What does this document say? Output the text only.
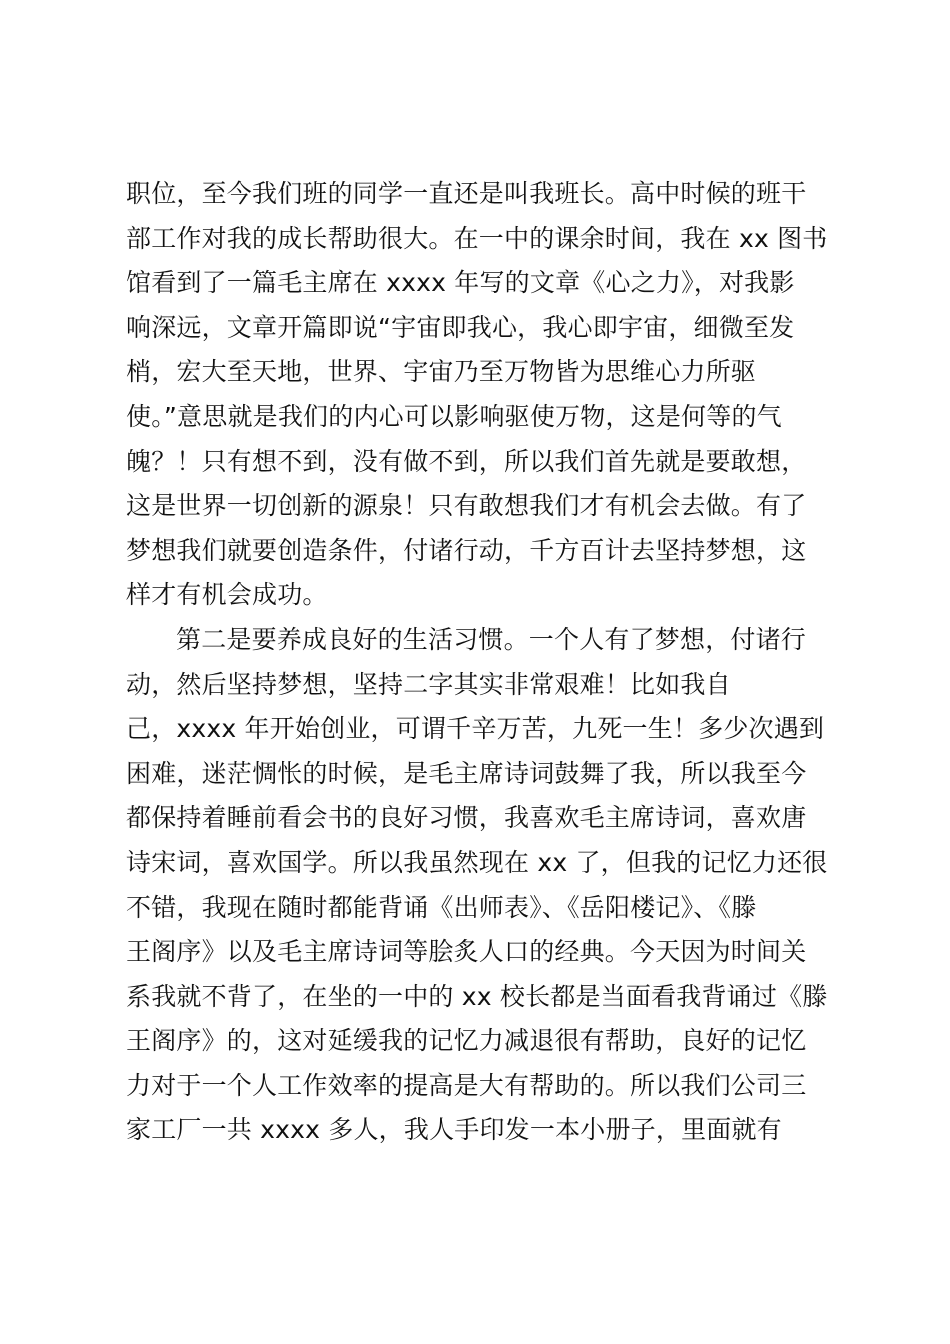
职位，至今我们班的同学一直还是叫我班长。高中时候的班干
部工作对我的成长帮助很大。在一中的课余时间，我在 xx 图书
馆看到了一篇毛主席在 xxxx 年写的文章《心之力》，对我影
响深远，文章开篇即说“宇宙即我心，我心即宇宙，细微至发
梢，宏大至天地，世界、宇宙乃至万物皆为思维心力所驱
使。”意思就是我们的内心可以影响驱使万物，这是何等的气
魄？！只有想不到，没有做不到，所以我们首先就是要敢想，
这是世界一切创新的源泉！只有敢想我们才有机会去做。有了
梦想我们就要创造条件，付诸行动，千方百计去坚持梦想，这
样才有机会成功。
第二是要养成良好的生活习惯。一个人有了梦想，付诸行
动，然后坚持梦想，坚持二字其实非常艰难！比如我自
己，xxxx 年开始创业，可谓千辛万苦，九死一生！多少次遇到
困难，迷茫惆怅的时候，是毛主席诗词鼓舞了我，所以我至今
都保持着睡前看会书的良好习惯，我喜欢毛主席诗词，喜欢唐
诗宋词，喜欢国学。所以我虽然现在 xx 了，但我的记忆力还很
不错，我现在随时都能背诵《出师表》、《岳阳楼记》、《滕
王阁序》以及毛主席诗词等脍炙人口的经典。今天因为时间关
系我就不背了，在坐的一中的 xx 校长都是当面看我背诵过《滕
王阁序》的，这对延缓我的记忆力减退很有帮助，良好的记忆
力对于一个人工作效率的提高是大有帮助的。所以我们公司三
家工厂一共 xxxx 多人，我人手印发一本小册子，里面就有
